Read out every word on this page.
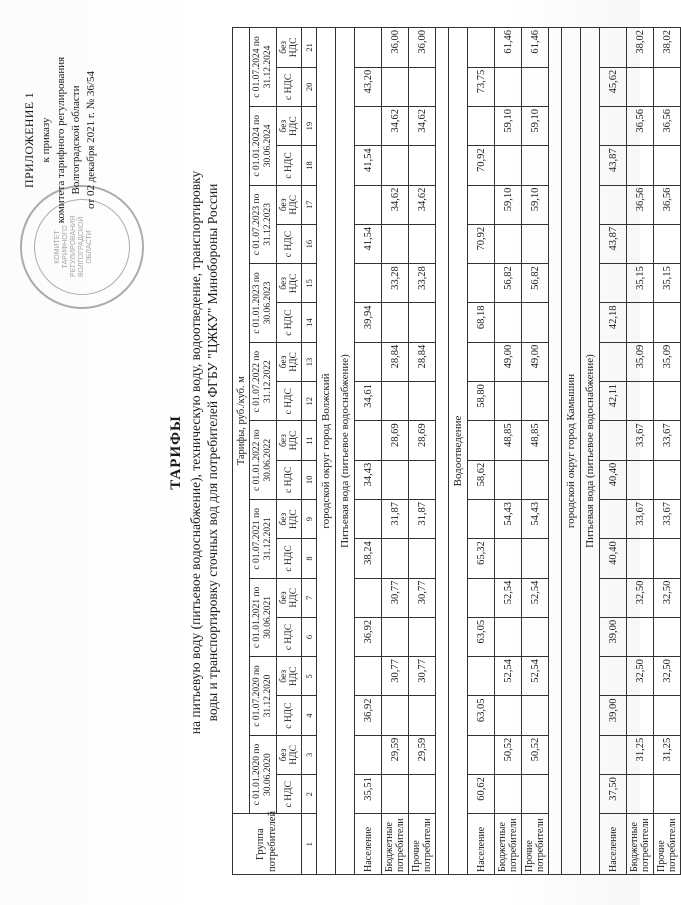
КОМИТЕТ ТАРИФНОГО РЕГУЛИРОВАНИЯ ВОЛГОГРАДСКОЙ ОБЛАСТИ
ПРИЛОЖЕНИЕ 1 к приказу комитета тарифного регулирования Волгоградской области от 02 декабря 2021 г. № 36/54
ТАРИФЫ на питьевую воду (питьевое водоснабжение), техническую воду, водоотведение, транспортировку воды и транспортировку сточных вод для потребителей ФГБУ "ЦЖКУ" Минобороны России
Группа потребителей	Тарифы, руб./куб. м																			
	с 01.01.2020 по 30.06.2020		с 01.07.2020 по 31.12.2020		с 01.01.2021 по 30.06.2021		с 01.07.2021 по 31.12.2021		с 01.01.2022 по 30.06.2022		с 01.07.2022 по 31.12.2022		с 01.01.2023 по 30.06.2023		с 01.07.2023 по 31.12.2023		с 01.01.2024 по 30.06.2024		с 01.07.2024 по 31.12.2024	
	с НДС	без НДС	с НДС	без НДС	с НДС	без НДС	с НДС	без НДС	с НДС	без НДС	с НДС	без НДС	с НДС	без НДС	с НДС	без НДС	с НДС	без НДС	с НДС	без НДС
1	2	3	4	5	6	7	8	9	10	11	12	13	14	15	16	17	18	19	20	21
городской округ город Волжский																				
Питьевая вода (питьевое водоснабжение)																				
Население	35,51		36,92		36,92		38,24		34,43		34,61		39,94		41,54		41,54		43,20	
Бюджетные потребители		29,59		30,77		30,77		31,87		28,69		28,84		33,28		34,62		34,62		36,00
Прочие потребители		29,59		30,77		30,77		31,87		28,69		28,84		33,28		34,62		34,62		36,00

Водоотведение																				
Население	60,62		63,05		63,05		65,32		58,62		58,80		68,18		70,92		70,92		73,75	
Бюджетные потребители		50,52		52,54		52,54		54,43		48,85		49,00		56,82		59,10		59,10		61,46
Прочие потребители		50,52		52,54		52,54		54,43		48,85		49,00		56,82		59,10		59,10		61,46

городской округ город Камышин																				
Питьевая вода (питьевое водоснабжение)																				
Население	37,50		39,00		39,00		40,40		40,40		42,11		42,18		43,87		43,87		45,62	
Бюджетные потребители		31,25		32,50		32,50		33,67		33,67		35,09		35,15		36,56		36,56		38,02
Прочие потребители		31,25		32,50		32,50		33,67		33,67		35,09		35,15		36,56		36,56		38,02
